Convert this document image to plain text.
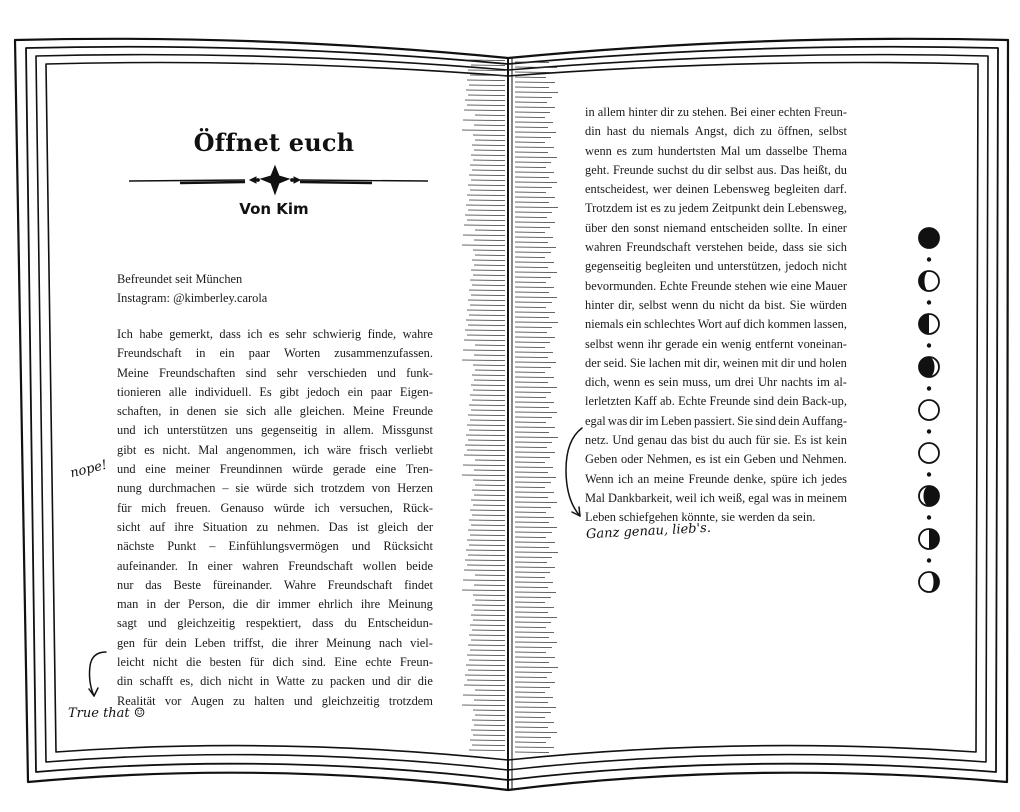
Öffnet euch
Von Kim
Befreundet seit München
Instagram: @kimberley.carola
Ich habe gemerkt, dass ich es sehr schwierig finde, wahre
Freundschaft in ein paar Worten zusammenzufassen.
Meine Freundschaften sind sehr verschieden und funk-
tionieren alle individuell. Es gibt jedoch ein paar Eigen-
schaften, in denen sie sich alle gleichen. Meine Freunde
und ich unterstützen uns gegenseitig in allem. Missgunst
gibt es nicht. Mal angenommen, ich wäre frisch verliebt
und eine meiner Freundinnen würde gerade eine Tren-
nung durchmachen – sie würde sich trotzdem von Herzen
für mich freuen. Genauso würde ich versuchen, Rück-
sicht auf ihre Situation zu nehmen. Das ist gleich der
nächste Punkt – Einfühlungsvermögen und Rücksicht
aufeinander. In einer wahren Freundschaft wollen beide
nur das Beste füreinander. Wahre Freundschaft findet
man in der Person, die dir immer ehrlich ihre Meinung
sagt und gleichzeitig respektiert, dass du Entscheidun-
gen für dein Leben triffst, die ihrer Meinung nach viel-
leicht nicht die besten für dich sind. Eine echte Freun-
din schafft es, dich nicht in Watte zu packen und dir die
Realität vor Augen zu halten und gleichzeitig trotzdem
in allem hinter dir zu stehen. Bei einer echten Freun-
din hast du niemals Angst, dich zu öffnen, selbst
wenn es zum hundertsten Mal um dasselbe Thema
geht. Freunde suchst du dir selbst aus. Das heißt, du
entscheidest, wer deinen Lebensweg begleiten darf.
Trotzdem ist es zu jedem Zeitpunkt dein Lebensweg,
über den sonst niemand entscheiden sollte. In einer
wahren Freundschaft verstehen beide, dass sie sich
gegenseitig begleiten und unterstützen, jedoch nicht
bevormunden. Echte Freunde stehen wie eine Mauer
hinter dir, selbst wenn du nicht da bist. Sie würden
niemals ein schlechtes Wort auf dich kommen lassen,
selbst wenn ihr gerade ein wenig entfernt voneinan-
der seid. Sie lachen mit dir, weinen mit dir und holen
dich, wenn es sein muss, um drei Uhr nachts im al-
lerletzten Kaff ab. Echte Freunde sind dein Back-up,
egal was dir im Leben passiert. Sie sind dein Auffang-
netz. Und genau das bist du auch für sie. Es ist kein
Geben oder Nehmen, es ist ein Geben und Nehmen.
Wenn ich an meine Freunde denke, spüre ich jedes
Mal Dankbarkeit, weil ich weiß, egal was in meinem
Leben schiefgehen könnte, sie werden da sein.
nope!
True that ☺
Ganz genau, lieb's.
